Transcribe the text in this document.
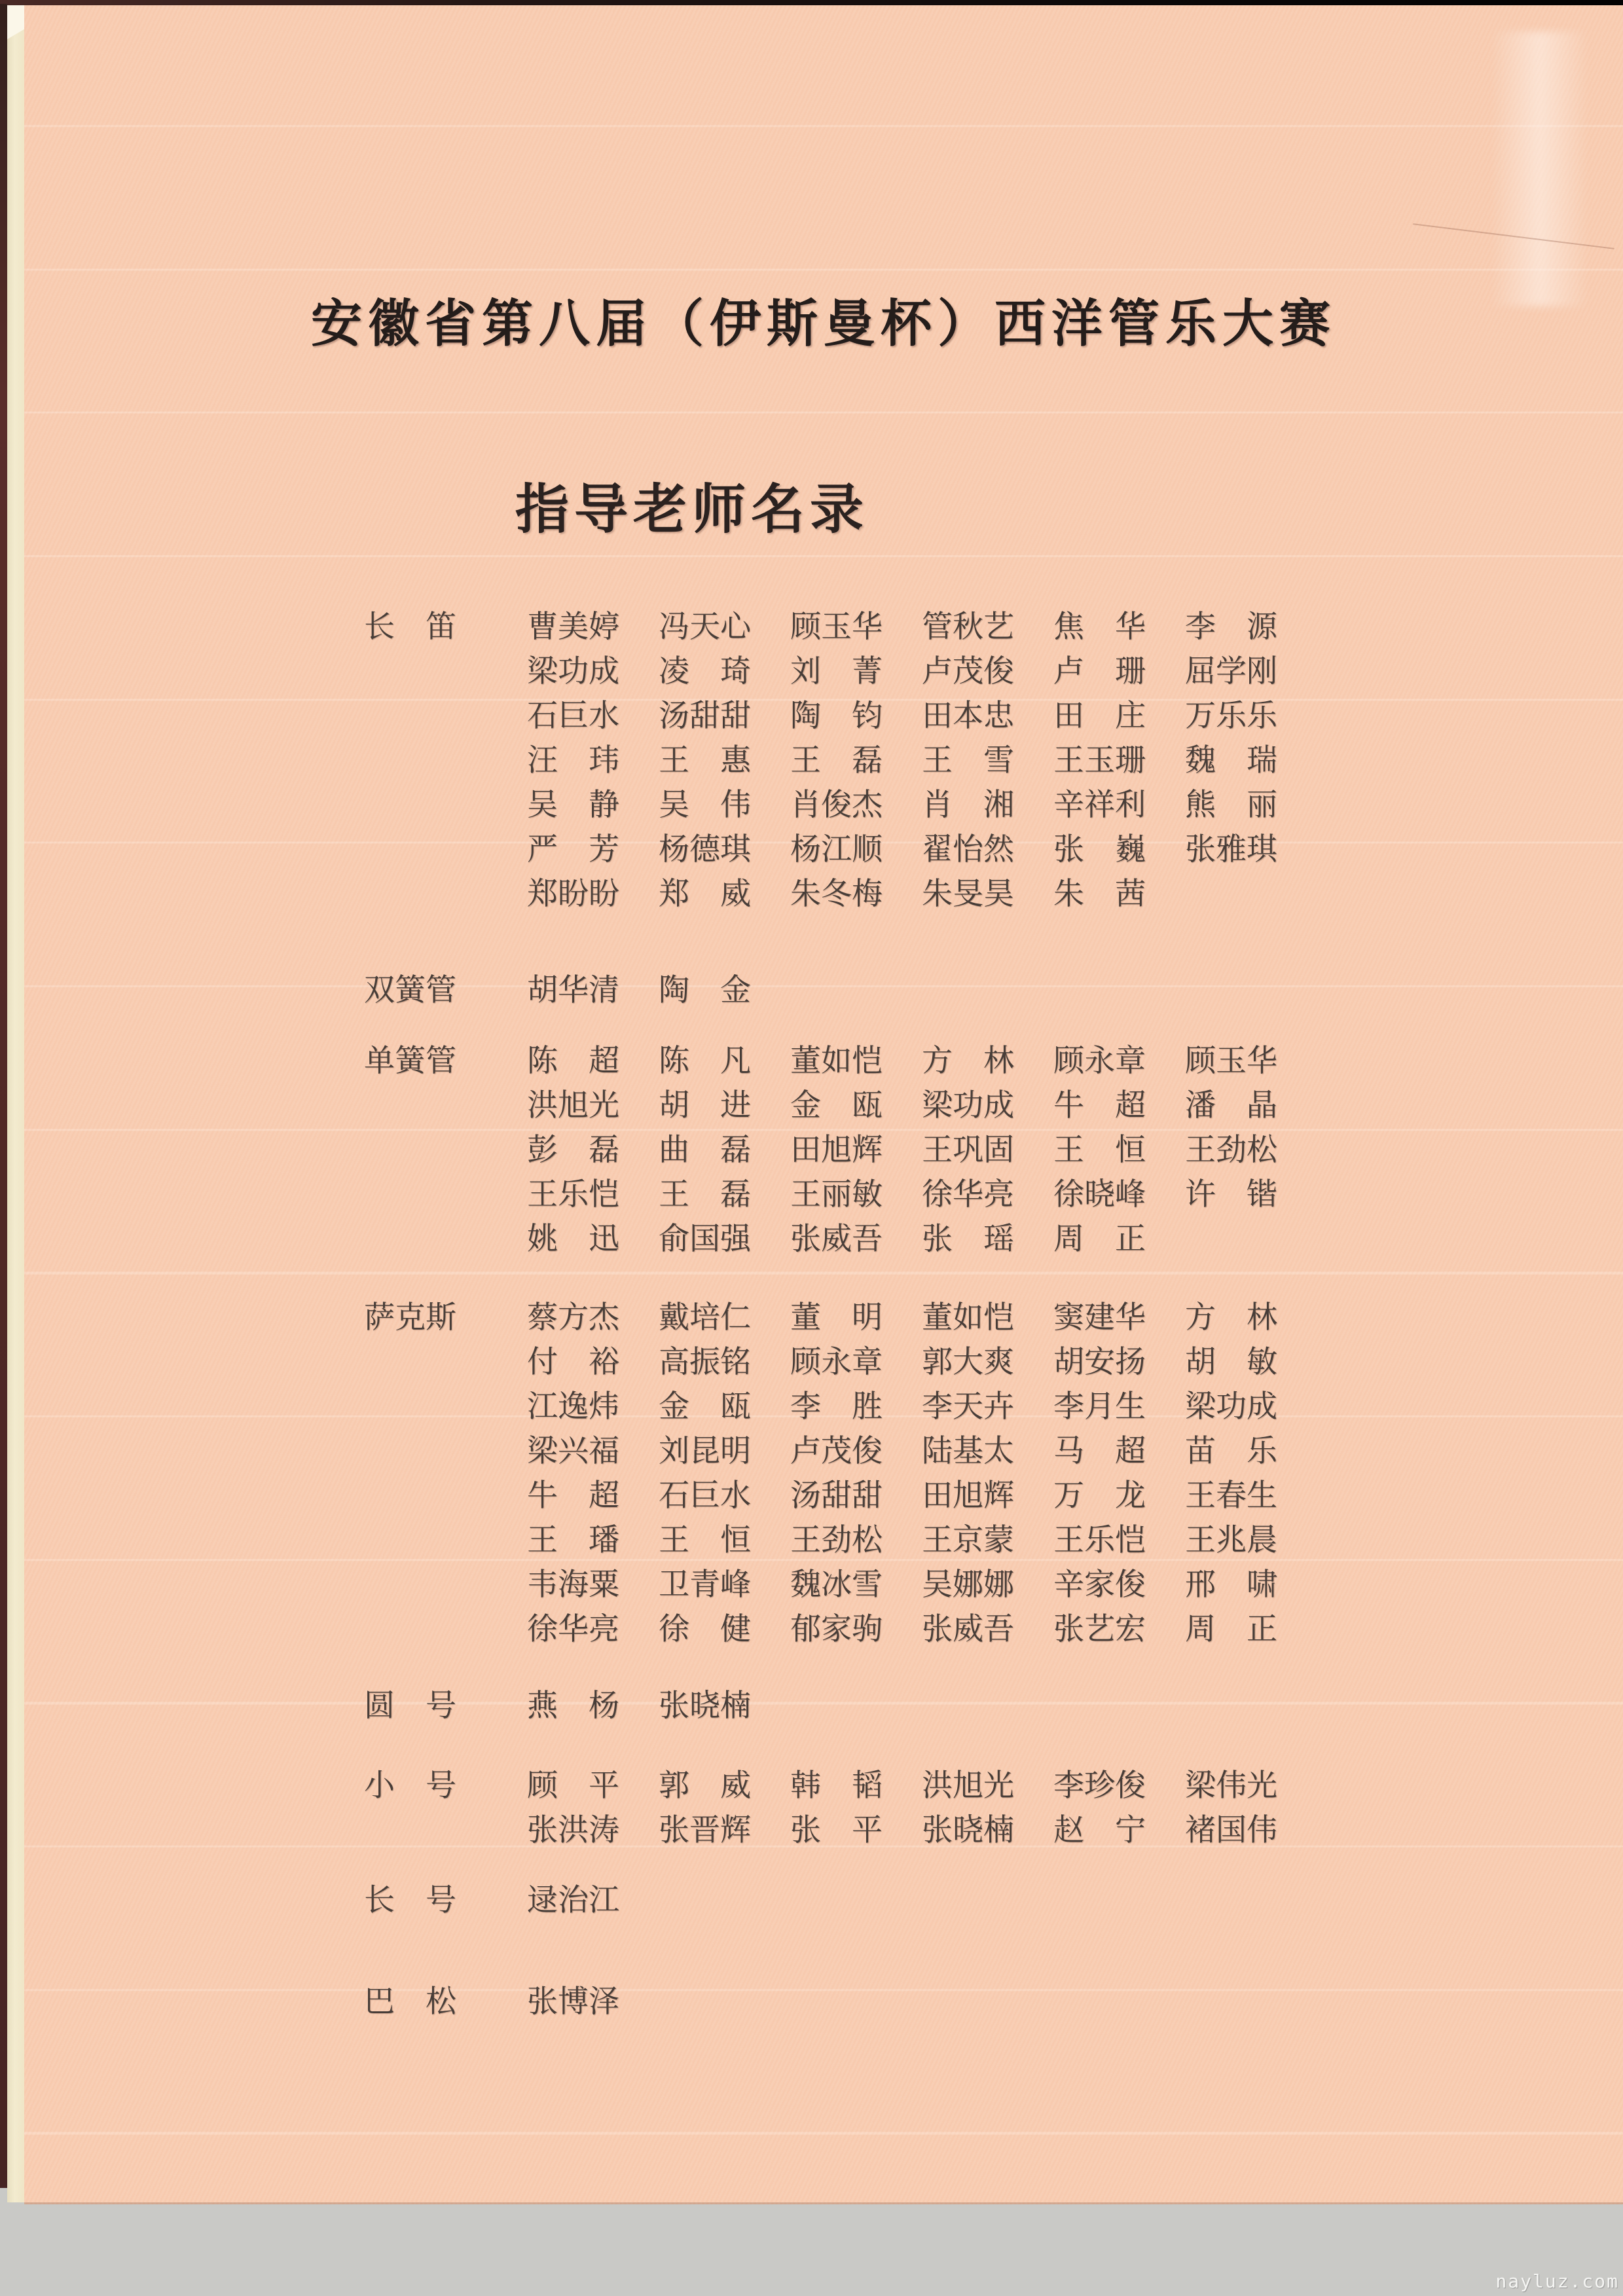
安徽省第八届（伊斯曼杯）西洋管乐大赛
指导老师名录
长　笛 曹美婷 冯天心 顾玉华 管秋艺 焦　华 李　源
梁功成 凌　琦 刘　菁 卢茂俊 卢　珊 屈学刚
石巨水 汤甜甜 陶　钧 田本忠 田　庄 万乐乐
汪　玮 王　惠 王　磊 王　雪 王玉珊 魏　瑞
吴　静 吴　伟 肖俊杰 肖　湘 辛祥利 熊　丽
严　芳 杨德琪 杨江顺 翟怡然 张　巍 张雅琪
郑盼盼 郑　威 朱冬梅 朱旻昊 朱　茜
双簧管 胡华清 陶　金
单簧管 陈　超 陈　凡 董如恺 方　林 顾永章 顾玉华
洪旭光 胡　进 金　瓯 梁功成 牛　超 潘　晶
彭　磊 曲　磊 田旭辉 王巩固 王　恒 王劲松
王乐恺 王　磊 王丽敏 徐华亮 徐晓峰 许　锴
姚　迅 俞国强 张威吾 张　瑶 周　正
萨克斯 蔡方杰 戴培仁 董　明 董如恺 窦建华 方　林
付　裕 高振铭 顾永章 郭大爽 胡安扬 胡　敏
江逸炜 金　瓯 李　胜 李天卉 李月生 梁功成
梁兴福 刘昆明 卢茂俊 陆基太 马　超 苗　乐
牛　超 石巨水 汤甜甜 田旭辉 万　龙 王春生
王　璠 王　恒 王劲松 王京蒙 王乐恺 王兆晨
韦海粟 卫青峰 魏冰雪 吴娜娜 辛家俊 邢　啸
徐华亮 徐　健 郁家驹 张威吾 张艺宏 周　正
圆　号 燕　杨 张晓楠
小　号 顾　平 郭　威 韩　韬 洪旭光 李珍俊 梁伟光
张洪涛 张晋辉 张　平 张晓楠 赵　宁 褚国伟
长　号 逯治江
巴　松 张博泽
nayluz.com
